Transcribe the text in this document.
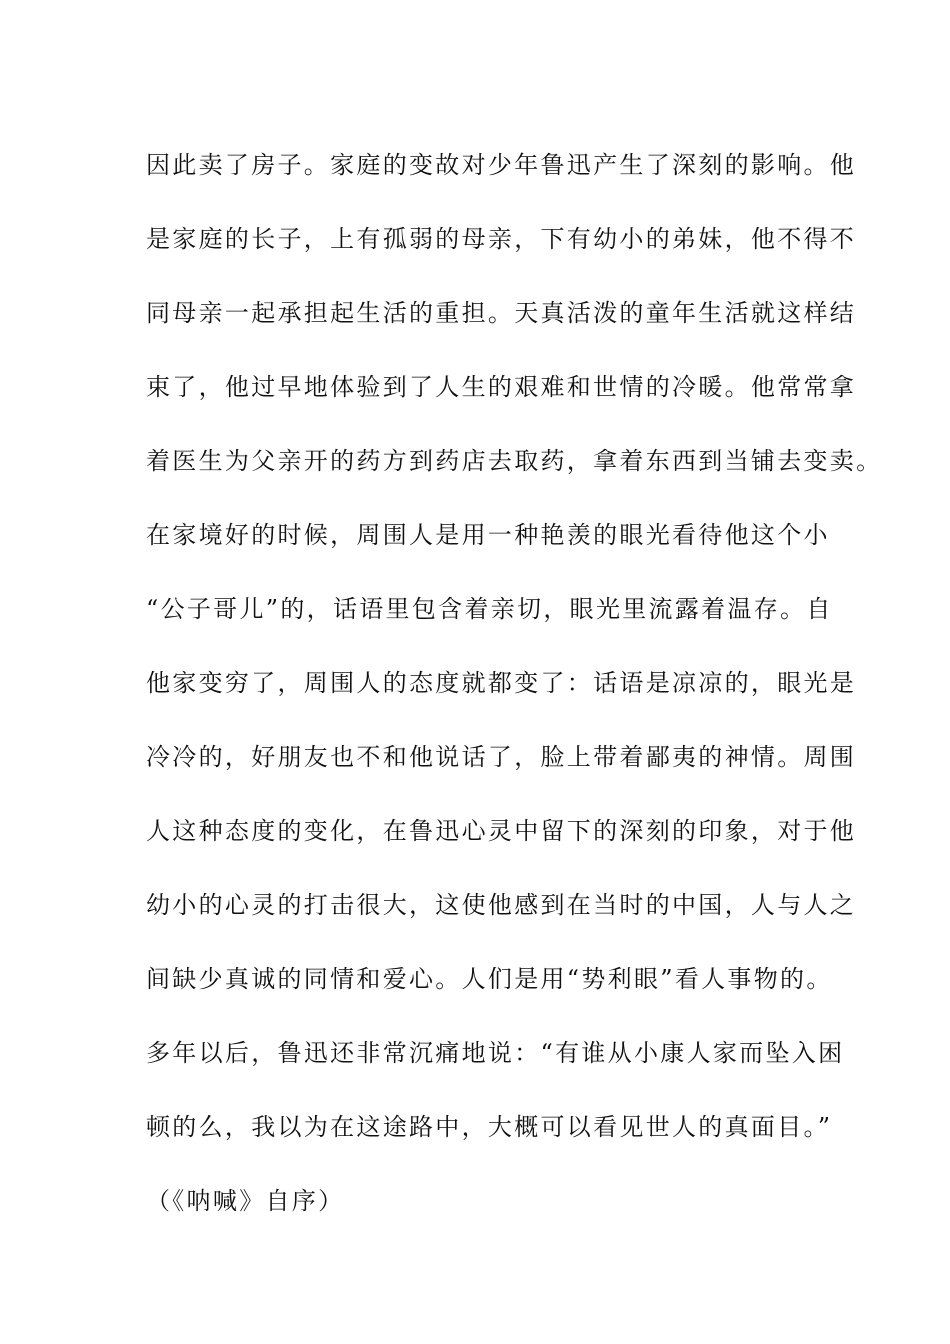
因此卖了房子。家庭的变故对少年鲁迅产生了深刻的影响。他
是家庭的长子，上有孤弱的母亲，下有幼小的弟妹，他不得不
同母亲一起承担起生活的重担。天真活泼的童年生活就这样结
束了，他过早地体验到了人生的艰难和世情的冷暖。他常常拿
着医生为父亲开的药方到药店去取药，拿着东西到当铺去变卖。
在家境好的时候，周围人是用一种艳羡的眼光看待他这个小
“公子哥儿”的，话语里包含着亲切，眼光里流露着温存。自
他家变穷了，周围人的态度就都变了：话语是凉凉的，眼光是
冷冷的，好朋友也不和他说话了，脸上带着鄙夷的神情。周围
人这种态度的变化，在鲁迅心灵中留下的深刻的印象，对于他
幼小的心灵的打击很大，这使他感到在当时的中国，人与人之
间缺少真诚的同情和爱心。人们是用“势利眼”看人事物的。
多年以后，鲁迅还非常沉痛地说：“有谁从小康人家而坠入困
顿的么，我以为在这途路中，大概可以看见世人的真面目。”
（《呐喊》自序）
